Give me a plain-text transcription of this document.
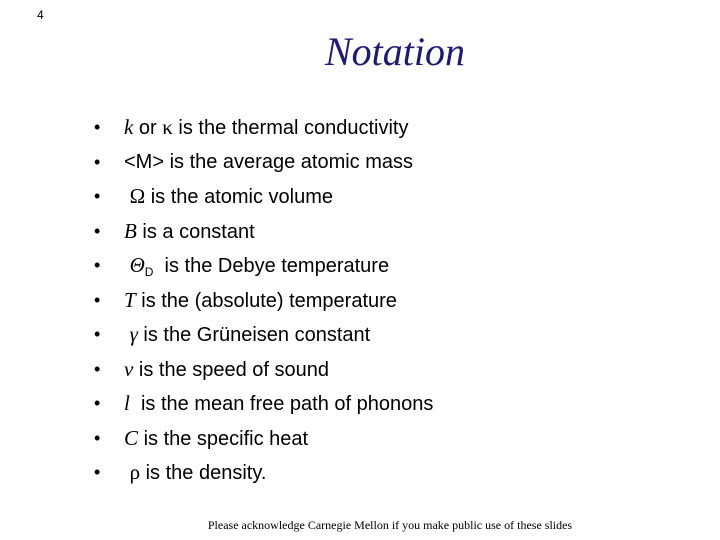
4
Notation
•	k or κ is the thermal conductivity
•	<M> is the average atomic mass
•	Ω is the atomic volume
•	B is a constant
•	$\Theta_D$  is the Debye temperature
•	T is the (absolute) temperature
•	γ is the Grüneisen constant
•	v is the speed of sound
•	l  is the mean free path of phonons
•	C is the specific heat
•	ρ is the density.
Please acknowledge Carnegie Mellon if you make public use of these slides
